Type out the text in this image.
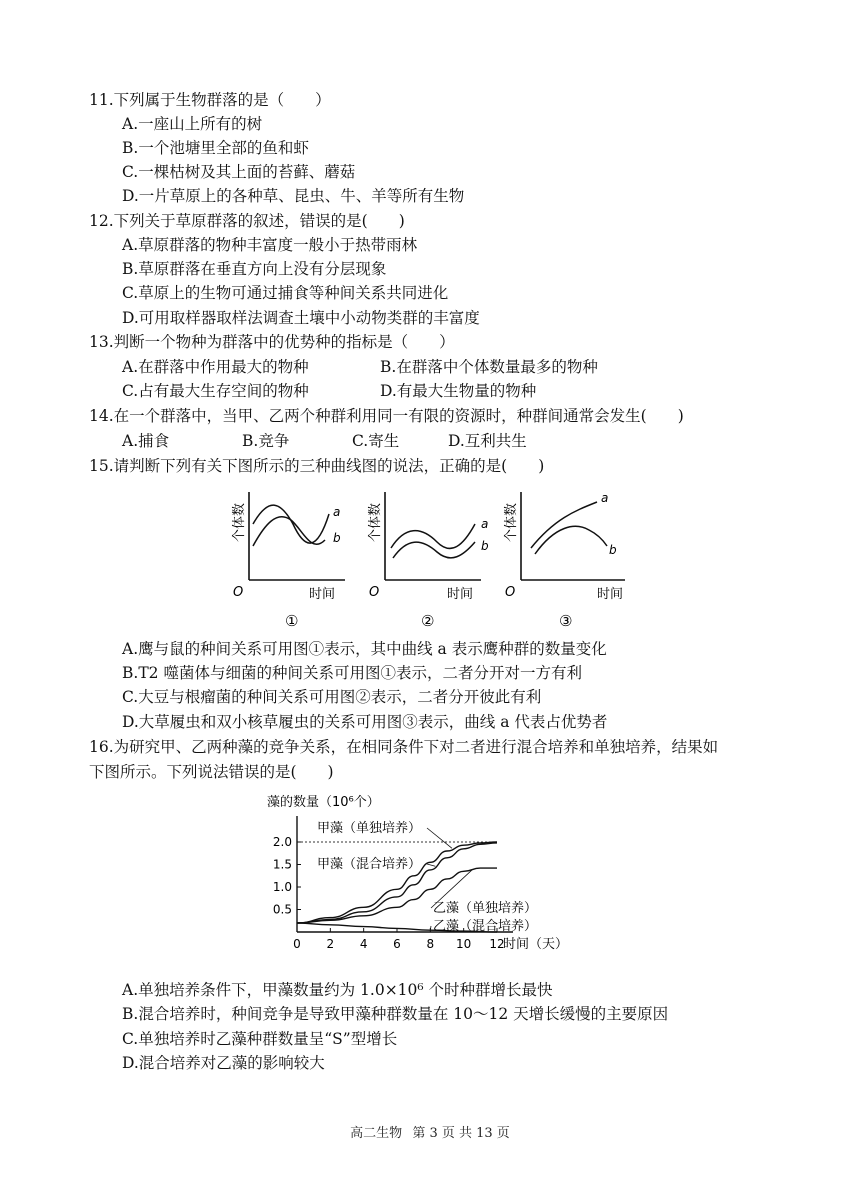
11.下列属于生物群落的是（　　）
A.一座山上所有的树
B.一个池塘里全部的鱼和虾
C.一棵枯树及其上面的苔藓、蘑菇
D.一片草原上的各种草、昆虫、牛、羊等所有生物
12.下列关于草原群落的叙述，错误的是(　　)
A.草原群落的物种丰富度一般小于热带雨林
B.草原群落在垂直方向上没有分层现象
C.草原上的生物可通过捕食等种间关系共同进化
D.可用取样器取样法调查土壤中小动物类群的丰富度
13.判断一个物种为群落中的优势种的指标是（　　）
A.在群落中作用最大的物种	B.在群落中个体数量最多的物种
C.占有最大生存空间的物种	D.有最大生物量的物种
14.在一个群落中，当甲、乙两个种群利用同一有限的资源时，种群间通常会发生(　　)
A.捕食	B.竞争	C.寄生	D.互利共生
15.请判断下列有关下图所示的三种曲线图的说法，正确的是(　　)
O
个体数
时间
a
b
①
O
个体数
时间
a
b
②
O
个体数
时间
a
b
③
A.鹰与鼠的种间关系可用图①表示，其中曲线 a 表示鹰种群的数量变化
B.T2 噬菌体与细菌的种间关系可用图①表示，二者分开对一方有利
C.大豆与根瘤菌的种间关系可用图②表示，二者分开彼此有利
D.大草履虫和双小核草履虫的关系可用图③表示，曲线 a 代表占优势者
16.为研究甲、乙两种藻的竞争关系，在相同条件下对二者进行混合培养和单独培养，结果如
下图所示。下列说法错误的是(　　)
藻的数量（10⁶个）
0.5
1.0
1.5
2.0
0 2 4 6 8 10 12
时间（天）
甲藻（单独培养）
甲藻（混合培养）
乙藻（单独培养）
乙藻（混合培养）
A.单独培养条件下，甲藻数量约为 1.0×10⁶ 个时种群增长最快
B.混合培养时，种间竞争是导致甲藻种群数量在 10～12 天增长缓慢的主要原因
C.单独培养时乙藻种群数量呈“S”型增长
D.混合培养对乙藻的影响较大
高二生物 第 3 页 共 13 页
